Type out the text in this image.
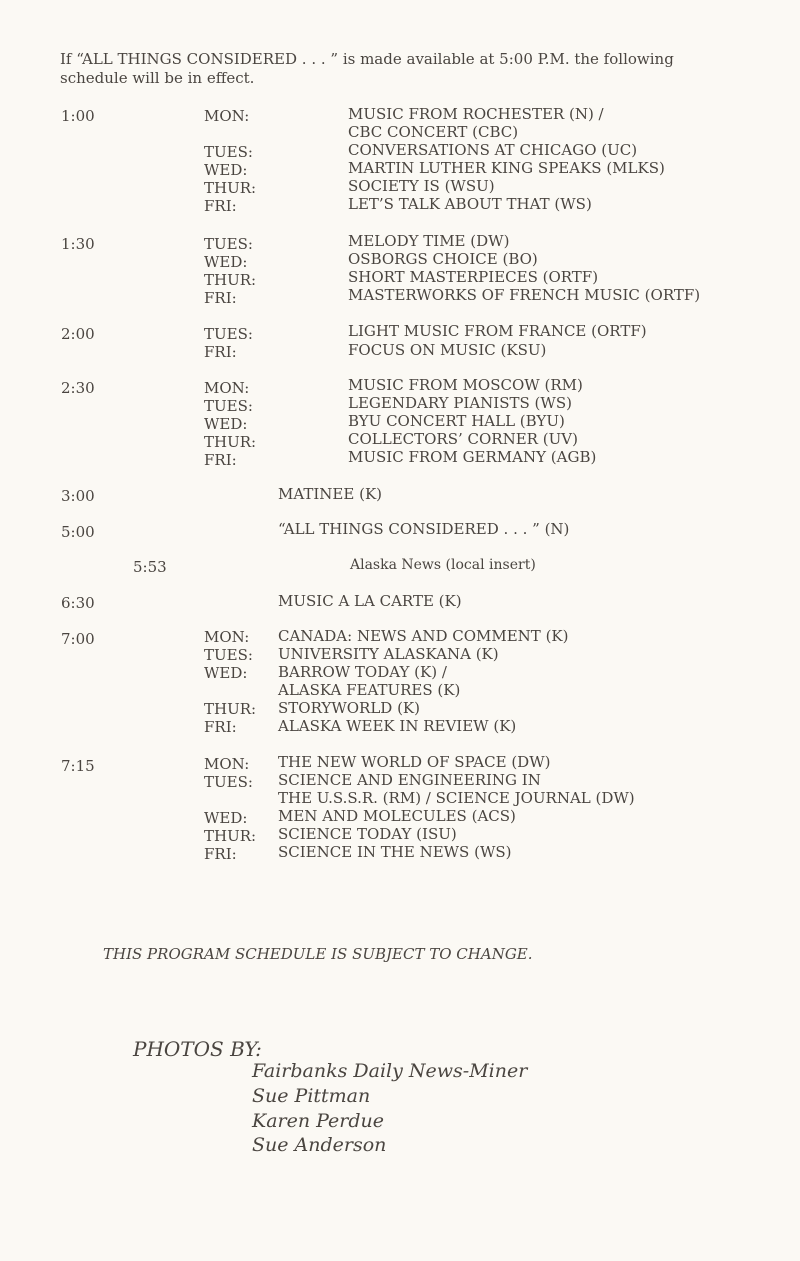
If “ALL THINGS CONSIDERED . . . ” is made available at 5:00 P.M. the following schedule will be in effect.
1:00	MON:	MUSIC FROM ROCHESTER (N) /
CBC CONCERT (CBC)
TUES:	CONVERSATIONS AT CHICAGO (UC)
WED:	MARTIN LUTHER KING SPEAKS (MLKS)
THUR:	SOCIETY IS (WSU)
FRI:	LET’S TALK ABOUT THAT (WS)
1:30	TUES:	MELODY TIME (DW)
WED:	OSBORGS CHOICE (BO)
THUR:	SHORT MASTERPIECES (ORTF)
FRI:	MASTERWORKS OF FRENCH MUSIC (ORTF)
2:00	TUES:	LIGHT MUSIC FROM FRANCE (ORTF)
FRI:	FOCUS ON MUSIC (KSU)
2:30	MON:	MUSIC FROM MOSCOW (RM)
TUES:	LEGENDARY PIANISTS (WS)
WED:	BYU CONCERT HALL (BYU)
THUR:	COLLECTORS’ CORNER (UV)
FRI:	MUSIC FROM GERMANY (AGB)
3:00	MATINEE (K)
5:00	“ALL THINGS CONSIDERED . . . ” (N)
5:53	Alaska News (local insert)
6:30	MUSIC A LA CARTE (K)
7:00	MON: CANADA: NEWS AND COMMENT (K)
TUES: UNIVERSITY ALASKANA (K)
WED: BARROW TODAY (K) /
ALASKA FEATURES (K)
THUR: STORYWORLD (K)
FRI:	ALASKA WEEK IN REVIEW (K)
7:15	MON: THE NEW WORLD OF SPACE (DW)
TUES: SCIENCE AND ENGINEERING IN
THE U.S.S.R. (RM) / SCIENCE JOURNAL (DW)
WED: MEN AND MOLECULES (ACS)
THUR: SCIENCE TODAY (ISU)
FRI:	SCIENCE IN THE NEWS (WS)
THIS PROGRAM SCHEDULE IS SUBJECT TO CHANGE.
PHOTOS BY:
Fairbanks Daily News-Miner
Sue Pittman
Karen Perdue
Sue Anderson
